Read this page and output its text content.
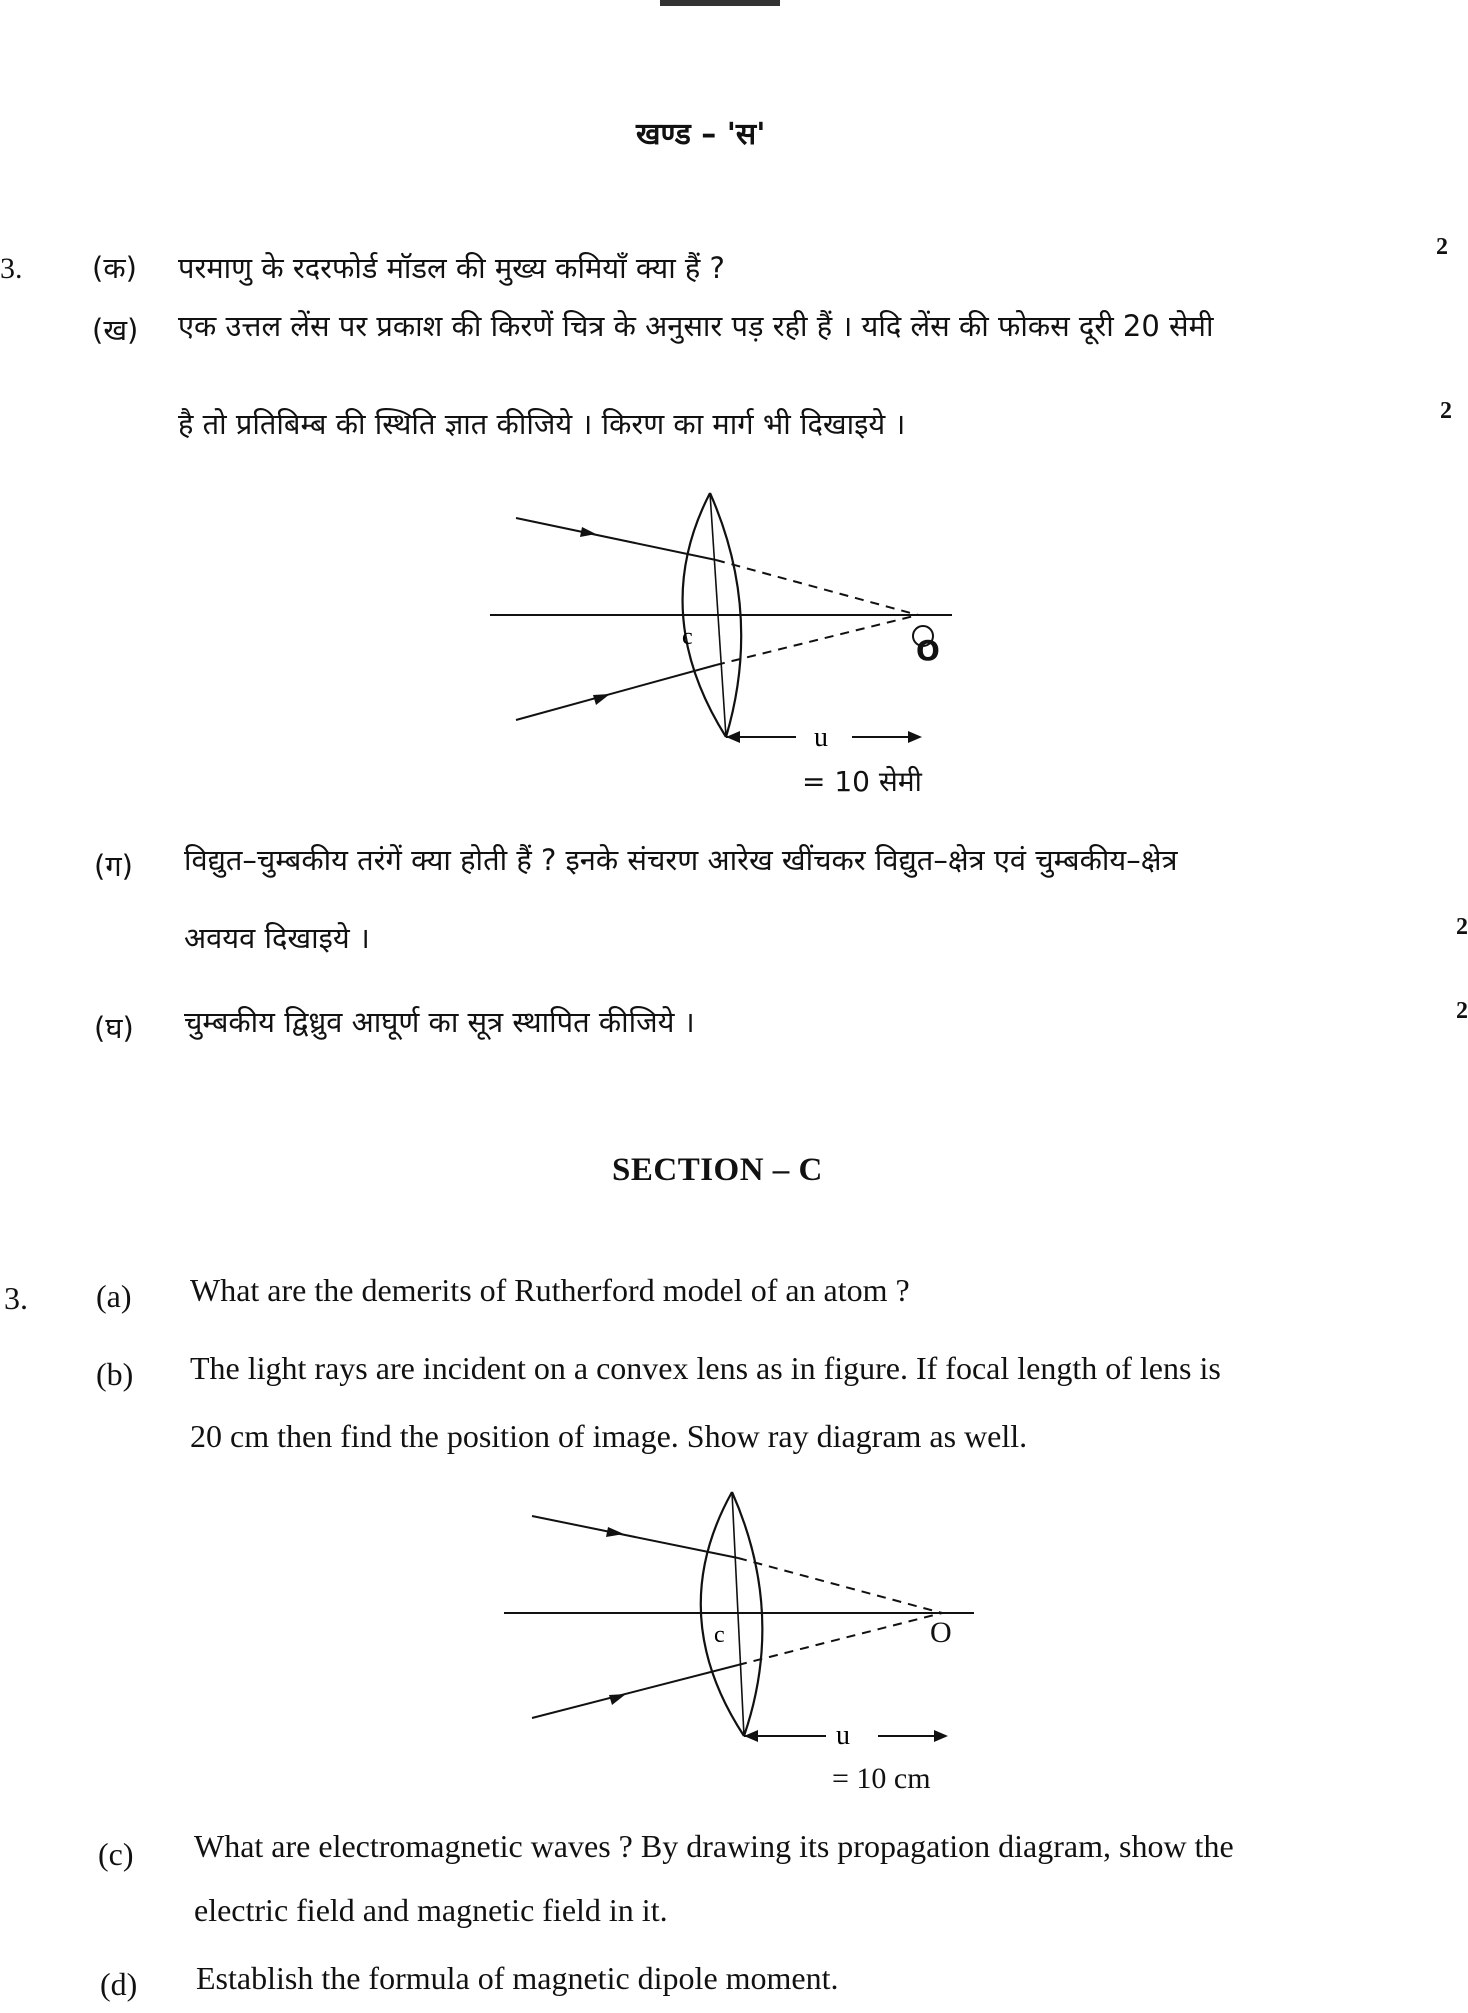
खण्ड – 'स'
3. (क) परमाणु के रदरफोर्ड मॉडल की मुख्य कमियाँ क्या हैं ?
2
(ख) एक उत्तल लेंस पर प्रकाश की किरणें चित्र के अनुसार पड़ रही हैं । यदि लेंस की फोकस दूरी 20 सेमी
है तो प्रतिबिम्ब की स्थिति ज्ञात कीजिये । किरण का मार्ग भी दिखाइये ।	2
c
u
O
= 10 सेमी
(ग) विद्युत–चुम्बकीय तरंगें क्या होती हैं ? इनके संचरण आरेख खींचकर विद्युत–क्षेत्र एवं चुम्बकीय–क्षेत्र
अवयव दिखाइये ।	2
(घ) चुम्बकीय द्विध्रुव आघूर्ण का सूत्र स्थापित कीजिये ।	2
SECTION – C
3. (a) What are the demerits of Rutherford model of an atom ?
(b) The light rays are incident on a convex lens as in figure. If focal length of lens is
20 cm then find the position of image. Show ray diagram as well.
c
u
O
= 10 cm
(c) What are electromagnetic waves ? By drawing its propagation diagram, show the
electric field and magnetic field in it.
(d) Establish the formula of magnetic dipole moment.
